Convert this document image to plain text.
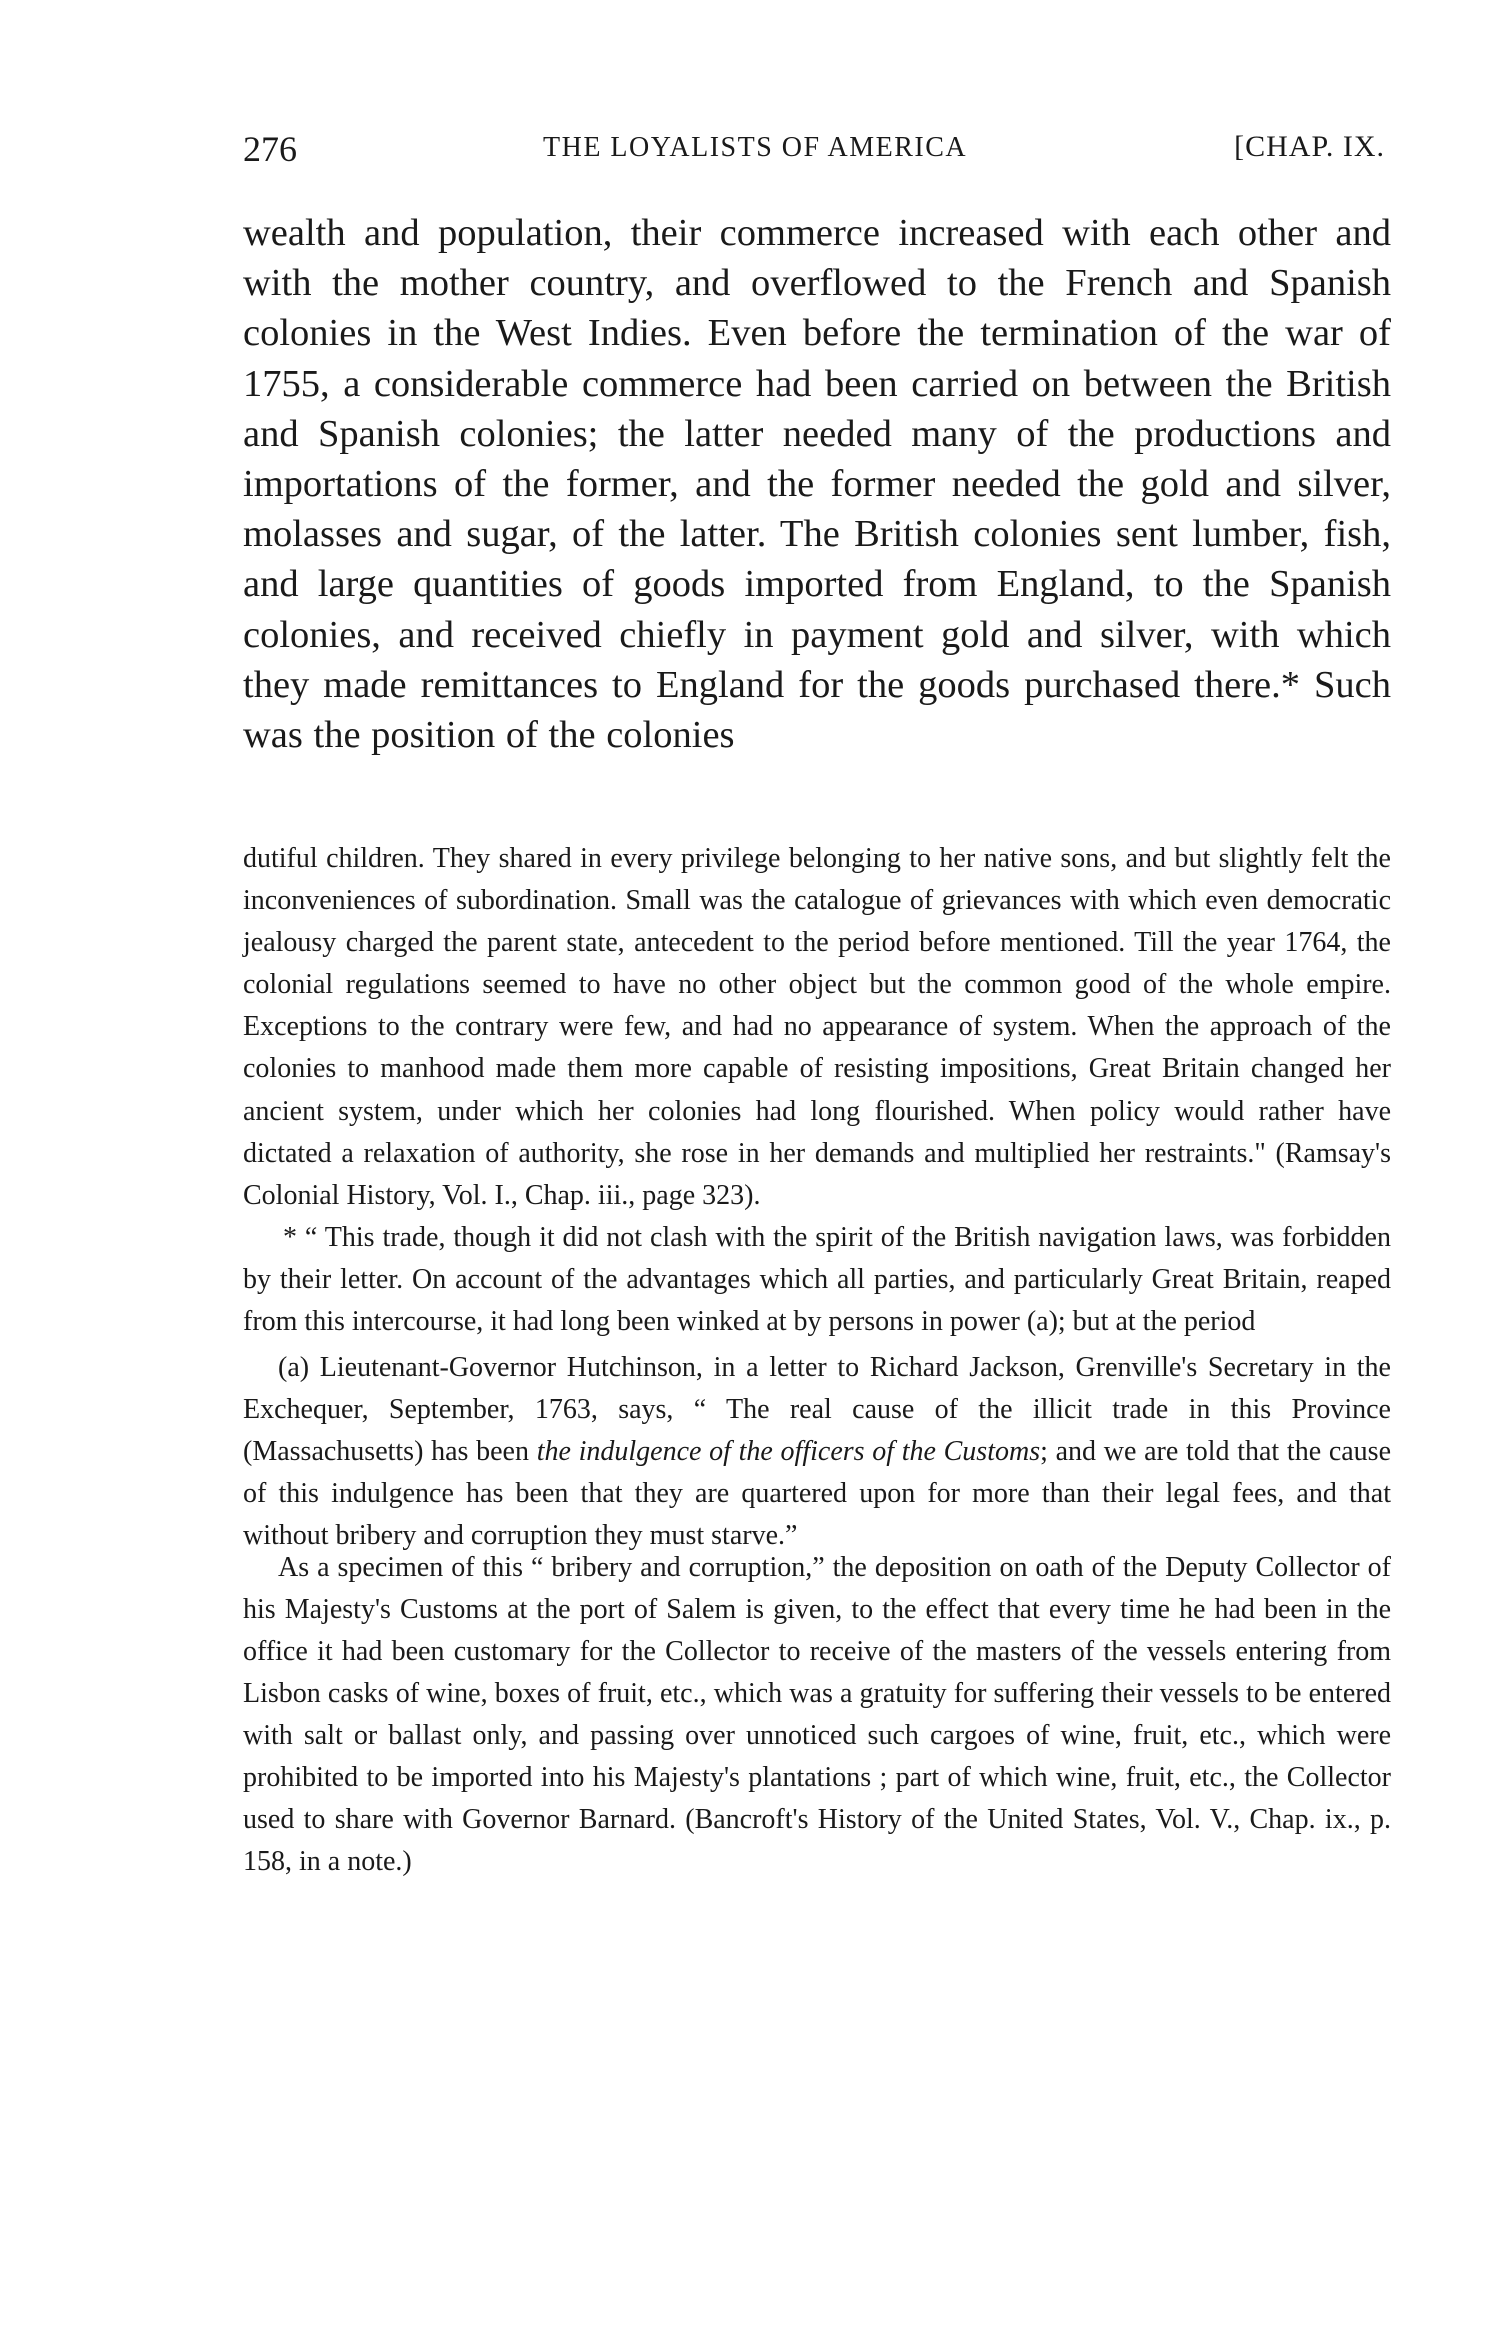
276	THE LOYALISTS OF AMERICA	[CHAP. IX.

wealth and population, their commerce increased with each other and with the mother country, and overflowed to the French and Spanish colonies in the West Indies. Even before the termination of the war of 1755, a considerable commerce had been carried on between the British and Spanish colonies; the latter needed many of the productions and importations of the former, and the former needed the gold and silver, molasses and sugar, of the latter. The British colonies sent lumber, fish, and large quantities of goods imported from England, to the Spanish colonies, and received chiefly in payment gold and silver, with which they made remittances to England for the goods purchased there.* Such was the position of the colonies

dutiful children. They shared in every privilege belonging to her native sons, and but slightly felt the inconveniences of subordination. Small was the catalogue of grievances with which even democratic jealousy charged the parent state, antecedent to the period before mentioned. Till the year 1764, the colonial regulations seemed to have no other object but the common good of the whole empire. Exceptions to the contrary were few, and had no appearance of system. When the approach of the colonies to manhood made them more capable of resisting impositions, Great Britain changed her ancient system, under which her colonies had long flourished. When policy would rather have dictated a relaxation of authority, she rose in her demands and multiplied her restraints." (Ramsay's Colonial History, Vol. I., Chap. iii., page 323).

* “ This trade, though it did not clash with the spirit of the British navigation laws, was forbidden by their letter. On account of the advantages which all parties, and particularly Great Britain, reaped from this intercourse, it had long been winked at by persons in power (a); but at the period

(a) Lieutenant-Governor Hutchinson, in a letter to Richard Jackson, Grenville's Secretary in the Exchequer, September, 1763, says, “ The real cause of the illicit trade in this Province (Massachusetts) has been the indulgence of the officers of the Customs; and we are told that the cause of this indulgence has been that they are quartered upon for more than their legal fees, and that without bribery and corruption they must starve.”

As a specimen of this “ bribery and corruption,” the deposition on oath of the Deputy Collector of his Majesty's Customs at the port of Salem is given, to the effect that every time he had been in the office it had been customary for the Collector to receive of the masters of the vessels entering from Lisbon casks of wine, boxes of fruit, etc., which was a gratuity for suffering their vessels to be entered with salt or ballast only, and passing over unnoticed such cargoes of wine, fruit, etc., which were prohibited to be imported into his Majesty's plantations ; part of which wine, fruit, etc., the Collector used to share with Governor Barnard. (Bancroft's History of the United States, Vol. V., Chap. ix., p. 158, in a note.)
